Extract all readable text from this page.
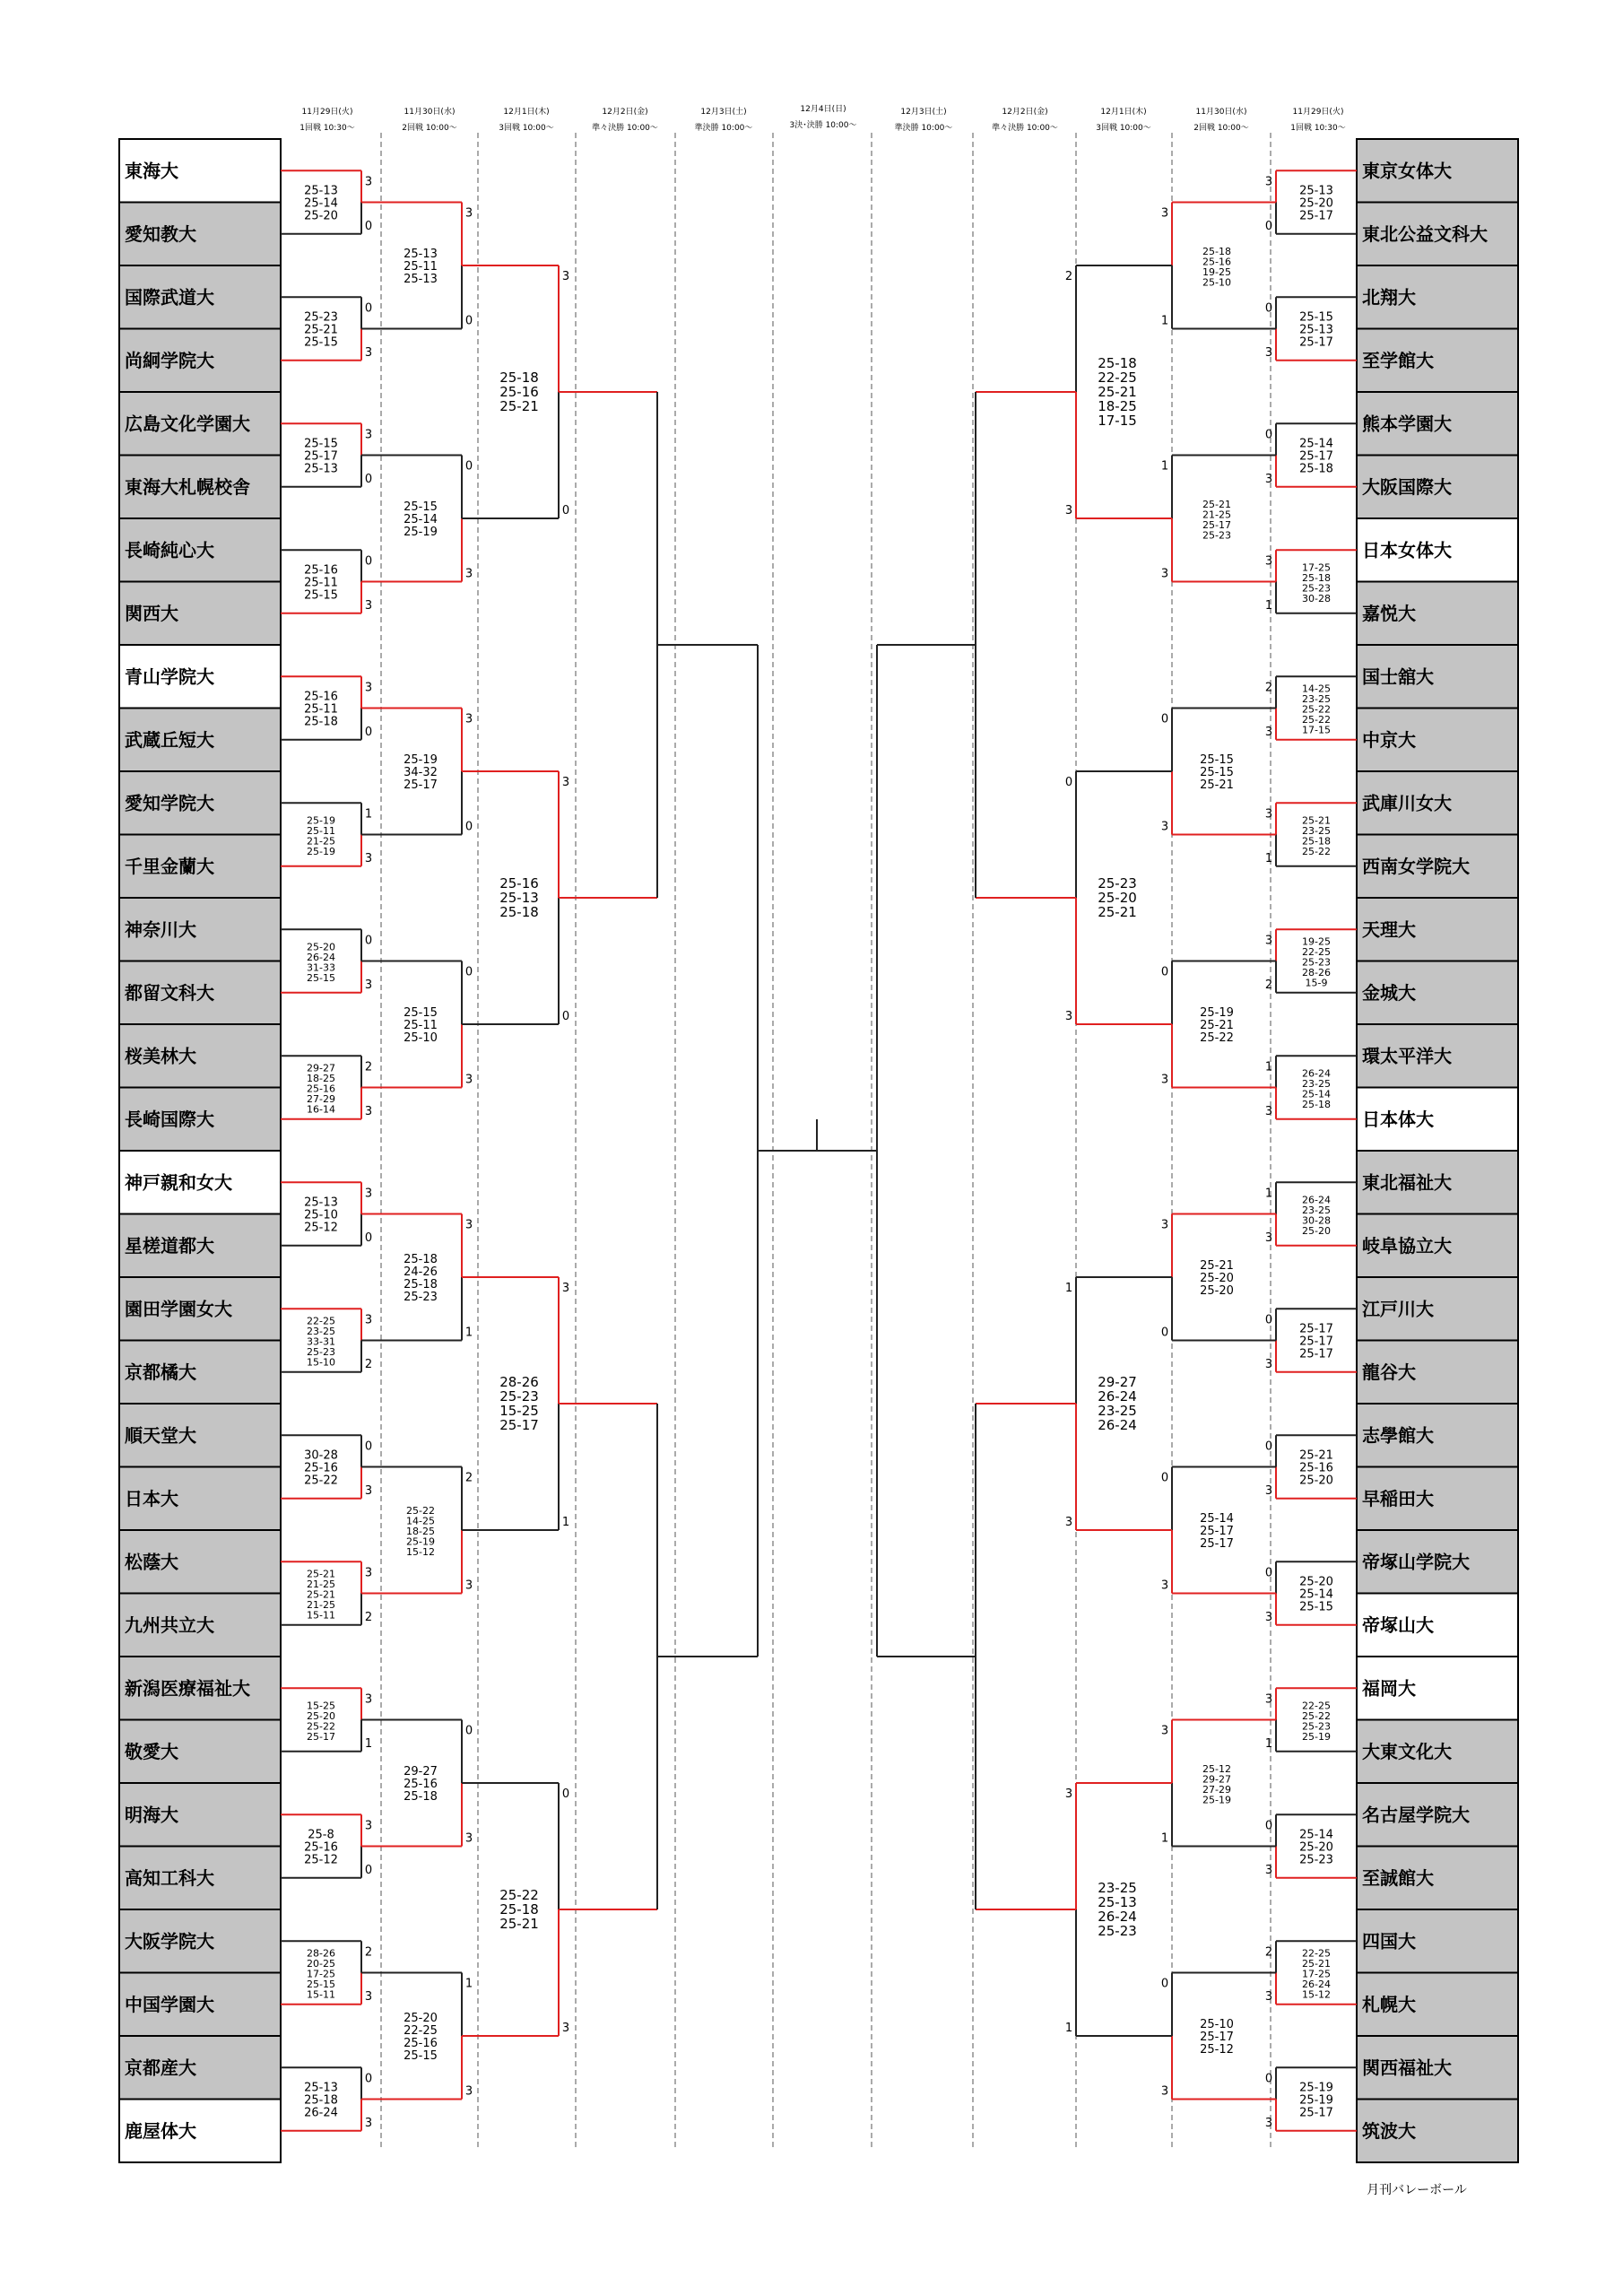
11月29日(火)
1回戦 10:30～
11月30日(水)
2回戦 10:00～
12月1日(木)
3回戦 10:00～
12月2日(金)
準々決勝 10:00～
12月3日(土)
準決勝 10:00～
12月3日(土)
準決勝 10:00～
12月2日(金)
準々決勝 10:00～
12月1日(木)
3回戦 10:00～
11月30日(水)
2回戦 10:00～
11月29日(火)
1回戦 10:30～
12月4日(日)
3決･決勝 10:00～
東海大
愛知教大
国際武道大
尚絅学院大
広島文化学園大
東海大札幌校舎
長崎純心大
関西大
青山学院大
武蔵丘短大
愛知学院大
千里金蘭大
神奈川大
都留文科大
桜美林大
長崎国際大
神戸親和女大
星槎道都大
園田学園女大
京都橘大
順天堂大
日本大
松蔭大
九州共立大
新潟医療福祉大
敬愛大
明海大
高知工科大
大阪学院大
中国学園大
京都産大
鹿屋体大
東京女体大
東北公益文科大
北翔大
至学館大
熊本学園大
大阪国際大
日本女体大
嘉悦大
国士舘大
中京大
武庫川女大
西南女学院大
天理大
金城大
環太平洋大
日本体大
東北福祉大
岐阜協立大
江戸川大
龍谷大
志學館大
早稲田大
帝塚山学院大
帝塚山大
福岡大
大東文化大
名古屋学院大
至誠館大
四国大
札幌大
関西福祉大
筑波大
3
0
25-13
25-14
25-20
0
3
25-23
25-21
25-15
3
0
25-15
25-17
25-13
0
3
25-16
25-11
25-15
3
0
25-16
25-11
25-18
1
3
25-19
25-11
21-25
25-19
0
3
25-20
26-24
31-33
25-15
2
3
29-27
18-25
25-16
27-29
16-14
3
0
25-13
25-10
25-12
3
2
22-25
23-25
33-31
25-23
15-10
0
3
30-28
25-16
25-22
3
2
25-21
21-25
25-21
21-25
15-11
3
1
15-25
25-20
25-22
25-17
3
0
25-8
25-16
25-12
2
3
28-26
20-25
17-25
25-15
15-11
0
3
25-13
25-18
26-24
3
0
25-13
25-11
25-13
0
3
25-15
25-14
25-19
3
0
25-19
34-32
25-17
0
3
25-15
25-11
25-10
3
1
25-18
24-26
25-18
25-23
2
3
25-22
14-25
18-25
25-19
15-12
0
3
29-27
25-16
25-18
1
3
25-20
22-25
25-16
25-15
3
0
25-18
25-16
25-21
3
0
25-16
25-13
25-18
3
1
28-26
25-23
15-25
25-17
0
3
25-22
25-18
25-21
3
0
25-13
25-20
25-17
0
3
25-15
25-13
25-17
0
3
25-14
25-17
25-18
3
1
17-25
25-18
25-23
30-28
2
3
14-25
23-25
25-22
25-22
17-15
3
1
25-21
23-25
25-18
25-22
3
2
19-25
22-25
25-23
28-26
15-9
1
3
26-24
23-25
25-14
25-18
1
3
26-24
23-25
30-28
25-20
0
3
25-17
25-17
25-17
0
3
25-21
25-16
25-20
0
3
25-20
25-14
25-15
3
1
22-25
25-22
25-23
25-19
0
3
25-14
25-20
25-23
2
3
22-25
25-21
17-25
26-24
15-12
0
3
25-19
25-19
25-17
3
1
25-18
25-16
19-25
25-10
1
3
25-21
21-25
25-17
25-23
0
3
25-15
25-15
25-21
0
3
25-19
25-21
25-22
3
0
25-21
25-20
25-20
0
3
25-14
25-17
25-17
3
1
25-12
29-27
27-29
25-19
0
3
25-10
25-17
25-12
2
3
25-18
22-25
25-21
18-25
17-15
0
3
25-23
25-20
25-21
1
3
29-27
26-24
23-25
26-24
3
1
23-25
25-13
26-24
25-23
月刊バレーボール
